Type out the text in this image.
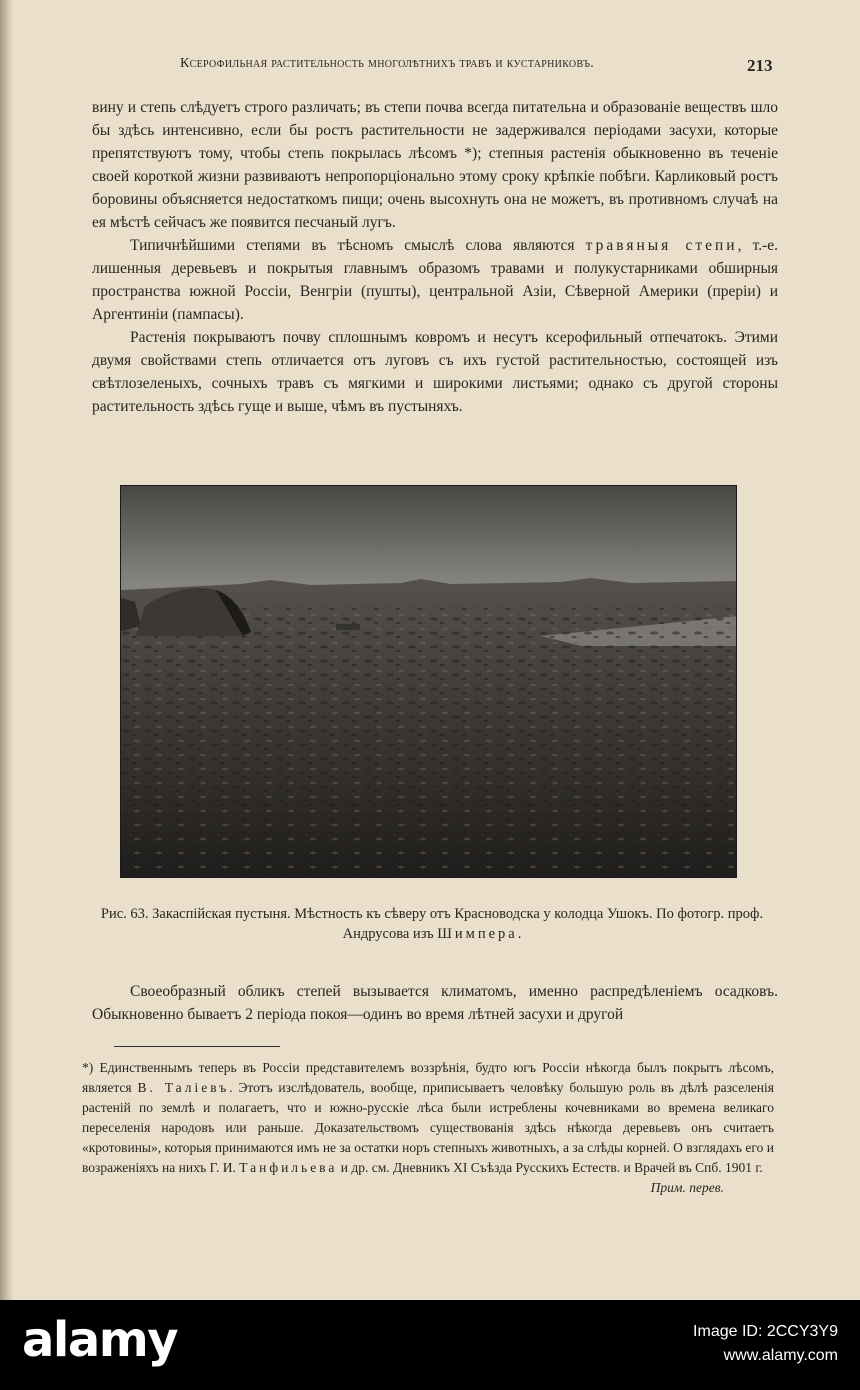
Ксерофильная растительность многолѣтнихъ травъ и кустарниковъ.	213

вину и степь слѣдуетъ строго различать; въ степи почва всегда питательна и образованіе веществъ шло бы здѣсь интенсивно, если бы ростъ растительности не задерживался періодами засухи, которые препятствуютъ тому, чтобы степь покрылась лѣсомъ *); степныя растенія обыкновенно въ теченіе своей короткой жизни развиваютъ непропорціонально этому сроку крѣпкіе побѣги. Карликовый ростъ боровины объясняется недостаткомъ пищи; очень высохнуть она не можетъ, въ противномъ случаѣ на ея мѣстѣ сейчасъ же появится песчаный лугъ.

Типичнѣйшими степями въ тѣсномъ смыслѣ слова являются травяныя степи, т.-е. лишенныя деревьевъ и покрытыя главнымъ образомъ травами и полукустарниками обширныя пространства южной Россіи, Венгріи (пушты), центральной Азіи, Сѣверной Америки (преріи) и Аргентиніи (пампасы).

Растенія покрываютъ почву сплошнымъ ковромъ и несутъ ксерофильный отпечатокъ. Этими двумя свойствами степь отличается отъ луговъ съ ихъ густой растительностью, состоящей изъ свѣтлозеленыхъ, сочныхъ травъ съ мягкими и широкими листьями; однако съ другой стороны растительность здѣсь гуще и выше, чѣмъ въ пустыняхъ.

Рис. 63. Закаспійская пустыня. Мѣстность къ сѣверу отъ Красноводска у колодца Ушокъ. По фотогр. проф. Андрусова изъ Шимпера.

Своеобразный обликъ степей вызывается климатомъ, именно распредѣленіемъ осадковъ. Обыкновенно бываетъ 2 періода покоя—одинъ во время лѣтней засухи и другой

*) Единственнымъ теперь въ Россіи представителемъ воззрѣнія, будто югъ Россіи нѣкогда былъ покрытъ лѣсомъ, является В. Таліевъ. Этотъ изслѣдователь, вообще, приписываетъ человѣку большую роль въ дѣлѣ разселенія растеній по землѣ и полагаетъ, что и южно-русскіе лѣса были истреблены кочевниками во времена великаго переселенія народовъ или раньше. Доказательствомъ существованія здѣсь нѣкогда деревьевъ онъ считаетъ «кротовины», которыя принимаются имъ не за остатки норъ степныхъ животныхъ, а за слѣды корней. О взглядахъ его и возраженіяхъ на нихъ Г. И. Танфильева и др. см. Дневникъ XI Съѣзда Русскихъ Естеств. и Врачей въ Спб. 1901 г.
Прим. перев.
alamy	Image ID: 2CCY3Y9
www.alamy.com
